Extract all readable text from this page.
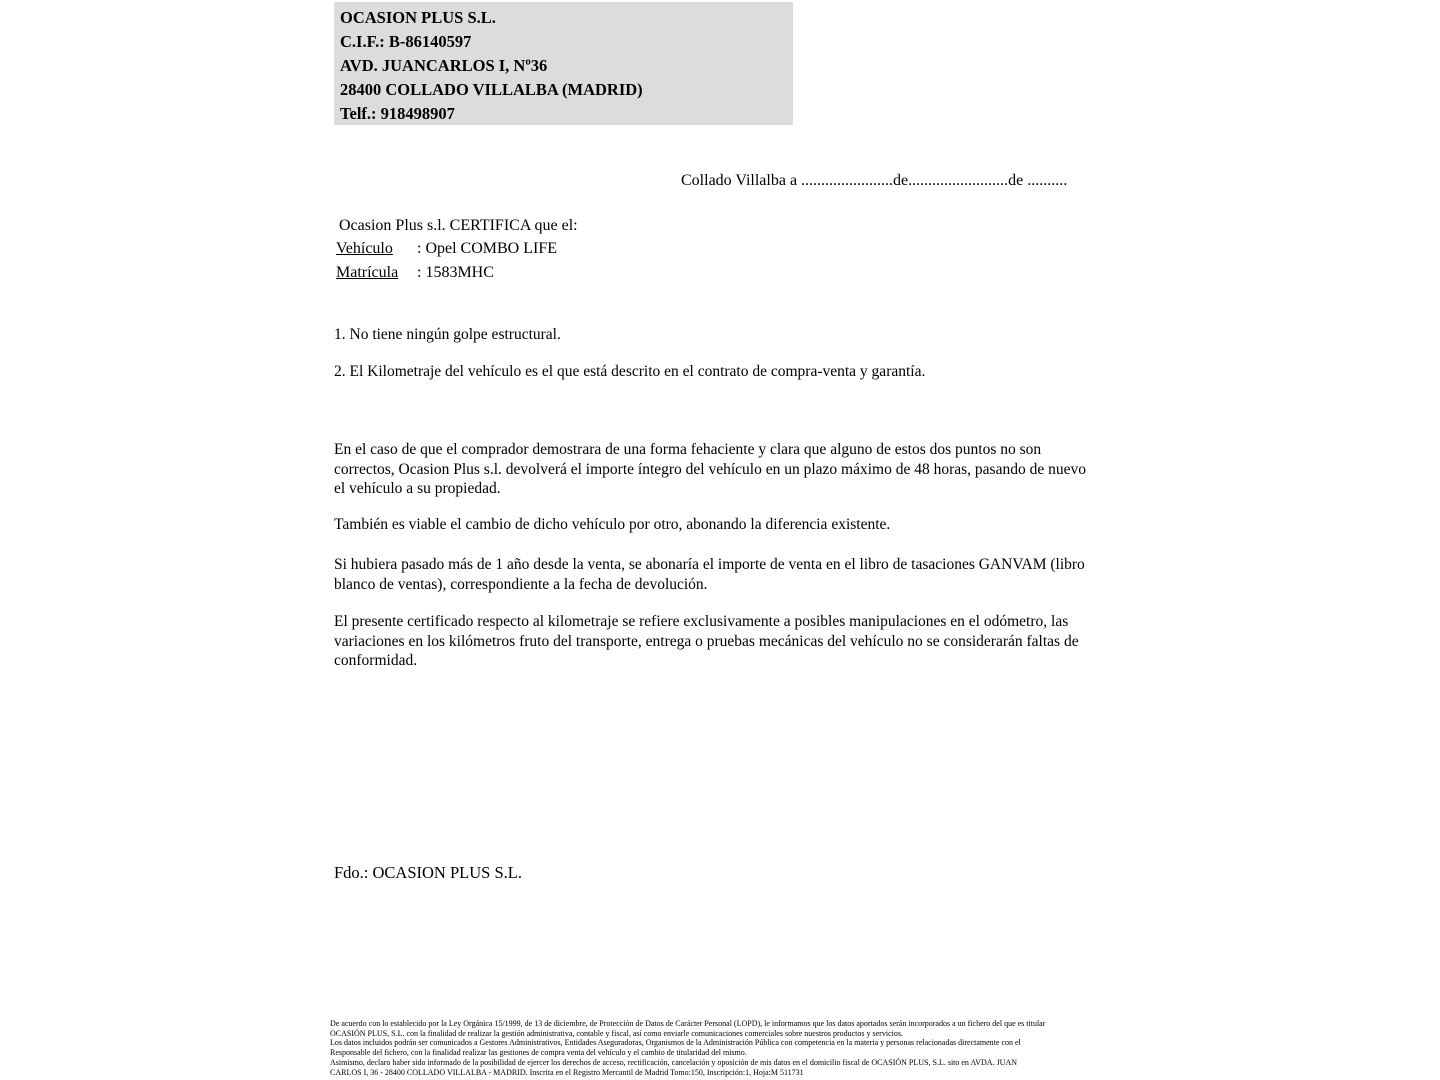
OCASION PLUS S.L.
C.I.F.: B-86140597
AVD. JUANCARLOS I, Nº36
28400 COLLADO VILLALBA (MADRID)
Telf.: 918498907
Collado Villalba a .......................de.........................de ..........
Ocasion Plus s.l. CERTIFICA que el:
Vehículo : Opel COMBO LIFE
Matrícula : 1583MHC
1. No tiene ningún golpe estructural.
2. El Kilometraje del vehículo es el que está descrito en el contrato de compra-venta y garantía.
En el caso de que el comprador demostrara de una forma fehaciente y clara que alguno de estos dos puntos no son correctos, Ocasion Plus s.l. devolverá el importe íntegro del vehículo en un plazo máximo de 48 horas, pasando de nuevo el vehículo a su propiedad.
También es viable el cambio de dicho vehículo por otro, abonando la diferencia existente.
Si hubiera pasado más de 1 año desde la venta, se abonaría el importe de venta en el libro de tasaciones GANVAM (libro blanco de ventas), correspondiente a la fecha de devolución.
El presente certificado respecto al kilometraje se refiere exclusivamente a posibles manipulaciones en el odómetro, las variaciones en los kilómetros fruto del transporte, entrega o pruebas mecánicas del vehículo no se considerarán faltas de conformidad.
Fdo.: OCASION PLUS S.L.
De acuerdo con lo establecido por la Ley Orgánica 15/1999, de 13 de diciembre, de Protección de Datos de Carácter Personal (LOPD), le informamos que los datos aportados serán incorporados a un fichero del que es titular
OCASIÓN PLUS, S.L. con la finalidad de realizar la gestión administrativa, contable y fiscal, así como enviarle comunicaciones comerciales sobre nuestros productos y servicios.
Los datos incluidos podrán ser comunicados a Gestores Administrativos, Entidades Aseguradoras, Organismos de la Administración Pública con competencia en la materia y personas relacionadas directamente con el
Responsable del fichero, con la finalidad realizar las gestiones de compra venta del vehículo y el cambio de titularidad del mismo.
Asimismo, declaro haber sido informado de la posibilidad de ejercer los derechos de acceso, rectificación, cancelación y oposición de mis datos en el domicilio fiscal de OCASIÓN PLUS, S.L. sito en AVDA. JUAN
CARLOS I, 36 - 28400 COLLADO VILLALBA - MADRID. Inscrita en el Registro Mercantil de Madrid Tomo:150, Inscripción:1, Hoja:M 511731
